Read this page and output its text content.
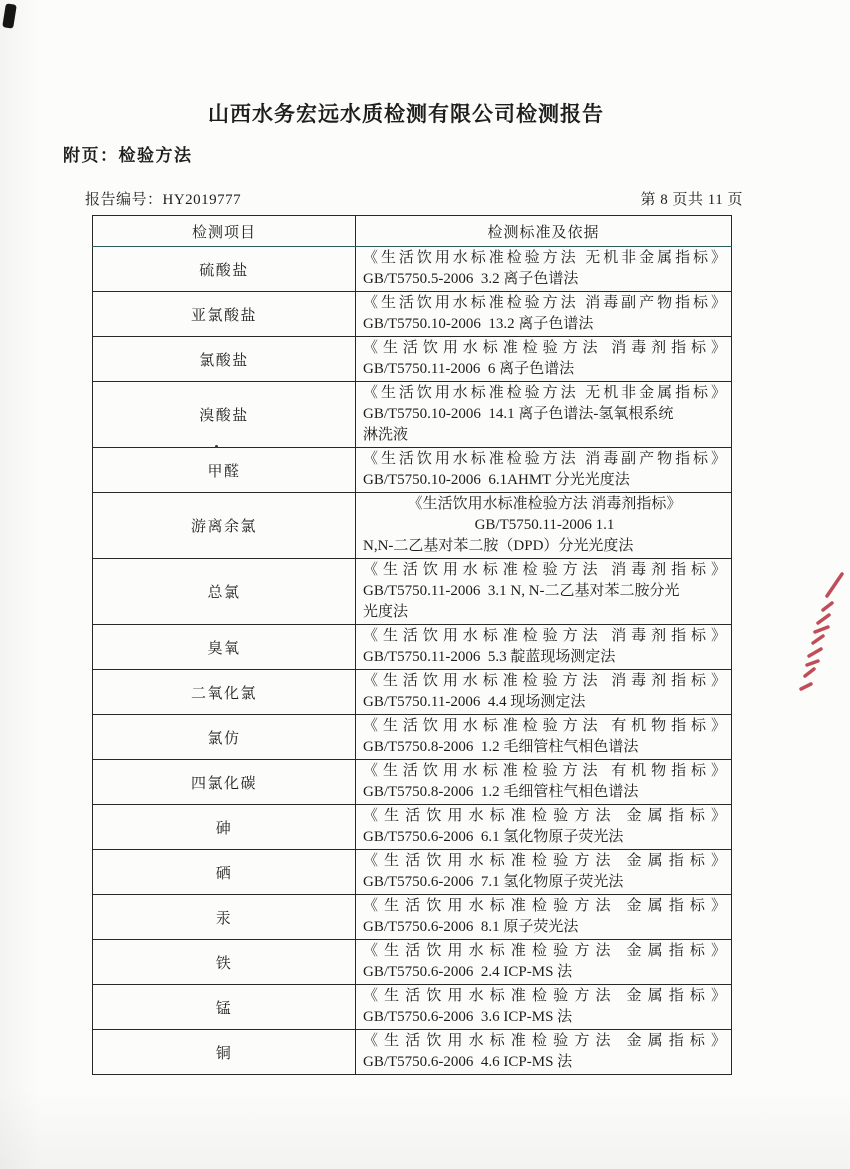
山西水务宏远水质检测有限公司检测报告
附页：检验方法
报告编号：HY2019777	第 8 页共 11 页
检测项目	检测标准及依据
硫酸盐	《生活饮用水标准检验方法 无机非金属指标》
GB/T5750.5-2006  3.2 离子色谱法

亚氯酸盐	《生活饮用水标准检验方法 消毒副产物指标》
GB/T5750.10-2006  13.2 离子色谱法

氯酸盐	《生活饮用水标准检验方法 消毒剂指标》
GB/T5750.11-2006  6 离子色谱法

溴酸盐	《生活饮用水标准检验方法 无机非金属指标》
GB/T5750.10-2006  14.1 离子色谱法-氢氧根系统
淋洗液

甲醛	《生活饮用水标准检验方法 消毒副产物指标》
GB/T5750.10-2006  6.1AHMT 分光光度法

游离余氯	《生活饮用水标准检验方法 消毒剂指标》
GB/T5750.11-2006 1.1
N,N-二乙基对苯二胺（DPD）分光光度法

总氯	《生活饮用水标准检验方法 消毒剂指标》
GB/T5750.11-2006  3.1 N, N-二乙基对苯二胺分光
光度法

臭氧	《生活饮用水标准检验方法 消毒剂指标》
GB/T5750.11-2006  5.3 靛蓝现场测定法

二氧化氯	《生活饮用水标准检验方法 消毒剂指标》
GB/T5750.11-2006  4.4 现场测定法

氯仿	《生活饮用水标准检验方法 有机物指标》
GB/T5750.8-2006  1.2 毛细管柱气相色谱法

四氯化碳	《生活饮用水标准检验方法 有机物指标》
GB/T5750.8-2006  1.2 毛细管柱气相色谱法

砷	《生活饮用水标准检验方法 金属指标》
GB/T5750.6-2006  6.1 氢化物原子荧光法

硒	《生活饮用水标准检验方法 金属指标》
GB/T5750.6-2006  7.1 氢化物原子荧光法

汞	《生活饮用水标准检验方法 金属指标》
GB/T5750.6-2006  8.1 原子荧光法

铁	《生活饮用水标准检验方法 金属指标》
GB/T5750.6-2006  2.4 ICP-MS 法

锰	《生活饮用水标准检验方法 金属指标》
GB/T5750.6-2006  3.6 ICP-MS 法

铜	《生活饮用水标准检验方法 金属指标》
GB/T5750.6-2006  4.6 ICP-MS 法
